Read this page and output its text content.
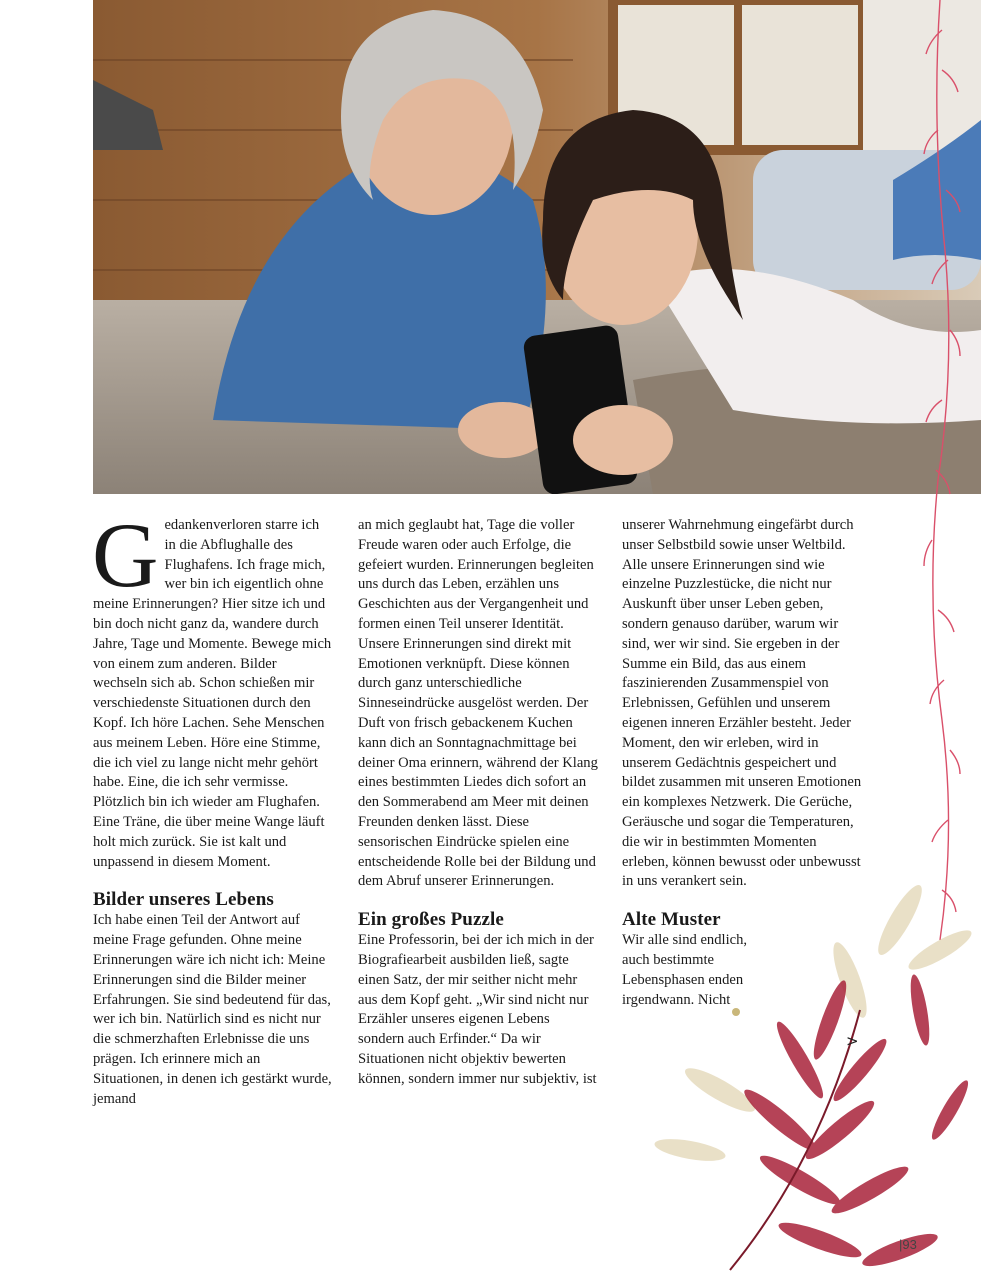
Gedankenverloren starre ich in die Abflughalle des Flughafens. Ich frage mich, wer bin ich eigentlich ohne meine Erinnerungen? Hier sitze ich und bin doch nicht ganz da, wandere durch Jahre, Tage und Momente. Bewege mich von einem zum anderen. Bilder wechseln sich ab. Schon schießen mir verschiedenste Situationen durch den Kopf. Ich höre Lachen. Sehe Menschen aus meinem Leben. Höre eine Stimme, die ich viel zu lange nicht mehr gehört habe. Eine, die ich sehr vermisse. Plötzlich bin ich wieder am Flughafen. Eine Träne, die über meine Wange läuft holt mich zurück. Sie ist kalt und unpassend in diesem Moment.

Bilder unseres Lebens

Ich habe einen Teil der Antwort auf meine Frage gefunden. Ohne meine Erinnerungen wäre ich nicht ich: Meine Erinnerungen sind die Bilder meiner Erfahrungen. Sie sind bedeutend für das, wer ich bin. Natürlich sind es nicht nur die schmerzhaften Erlebnisse die uns prägen. Ich erinnere mich an Situationen, in denen ich gestärkt wurde, jemand

an mich geglaubt hat, Tage die voller Freude waren oder auch Erfolge, die gefeiert wurden. Erinnerungen begleiten uns durch das Leben, erzählen uns Geschichten aus der Vergangenheit und formen einen Teil unserer Identität. Unsere Erinnerungen sind direkt mit Emotionen verknüpft. Diese können durch ganz unterschiedliche Sinneseindrücke ausgelöst werden. Der Duft von frisch gebackenem Kuchen kann dich an Sonntagnachmittage bei deiner Oma erinnern, während der Klang eines bestimmten Liedes dich sofort an den Sommerabend am Meer mit deinen Freunden denken lässt. Diese sensorischen Eindrücke spielen eine entscheidende Rolle bei der Bildung und dem Abruf unserer Erinnerungen.

Ein großes Puzzle

Eine Professorin, bei der ich mich in der Biografiearbeit ausbilden ließ, sagte einen Satz, der mir seither nicht mehr aus dem Kopf geht. „Wir sind nicht nur Erzähler unseres eigenen Lebens sondern auch Erfinder.“ Da wir Situationen nicht objektiv bewerten können, sondern immer nur subjektiv, ist

unserer Wahrnehmung eingefärbt durch unser Selbstbild sowie unser Weltbild. Alle unsere Erinnerungen sind wie einzelne Puzzlestücke, die nicht nur Auskunft über unser Leben geben, sondern genauso darüber, warum wir sind, wer wir sind. Sie ergeben in der Summe ein Bild, das aus einem faszinierenden Zusammenspiel von Erlebnissen, Gefühlen und unserem eigenen inneren Erzähler besteht. Jeder Moment, den wir erleben, wird in unserem Gedächtnis gespeichert und bildet zusammen mit unseren Emotionen ein komplexes Netzwerk. Die Gerüche, Geräusche und sogar die Temperaturen, die wir in bestimmten Momenten erleben, können bewusst oder unbewusst in uns verankert sein.

Alte Muster

Wir alle sind endlich, auch bestimmte Lebensphasen enden irgendwann. Nicht

>
|93
